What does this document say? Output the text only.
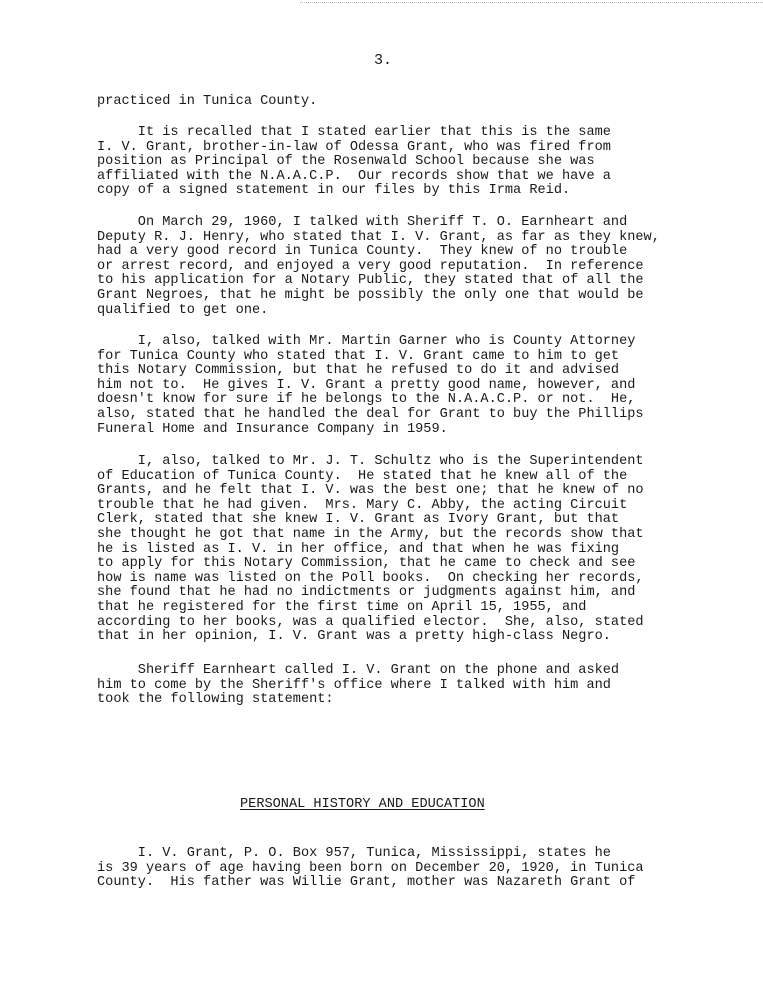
3.

practiced in Tunica County.

It is recalled that I stated earlier that this is the same

I. V. Grant, brother-in-law of Odessa Grant, who was fired from

position as Principal of the Rosenwald School because she was

affiliated with the N.A.A.C.P.  Our records show that we have a

copy of a signed statement in our files by this Irma Reid.

On March 29, 1960, I talked with Sheriff T. O. Earnheart and

Deputy R. J. Henry, who stated that I. V. Grant, as far as they knew,

had a very good record in Tunica County.  They knew of no trouble

or arrest record, and enjoyed a very good reputation.  In reference

to his application for a Notary Public, they stated that of all the

Grant Negroes, that he might be possibly the only one that would be

qualified to get one.

I, also, talked with Mr. Martin Garner who is County Attorney

for Tunica County who stated that I. V. Grant came to him to get

this Notary Commission, but that he refused to do it and advised

him not to.  He gives I. V. Grant a pretty good name, however, and

doesn't know for sure if he belongs to the N.A.A.C.P. or not.  He,

also, stated that he handled the deal for Grant to buy the Phillips

Funeral Home and Insurance Company in 1959.

I, also, talked to Mr. J. T. Schultz who is the Superintendent

of Education of Tunica County.  He stated that he knew all of the

Grants, and he felt that I. V. was the best one; that he knew of no

trouble that he had given.  Mrs. Mary C. Abby, the acting Circuit

Clerk, stated that she knew I. V. Grant as Ivory Grant, but that

she thought he got that name in the Army, but the records show that

he is listed as I. V. in her office, and that when he was fixing

to apply for this Notary Commission, that he came to check and see

how is name was listed on the Poll books.  On checking her records,

she found that he had no indictments or judgments against him, and

that he registered for the first time on April 15, 1955, and

according to her books, was a qualified elector.  She, also, stated

that in her opinion, I. V. Grant was a pretty high-class Negro.

Sheriff Earnheart called I. V. Grant on the phone and asked

him to come by the Sheriff's office where I talked with him and

took the following statement:

PERSONAL HISTORY AND EDUCATION

I. V. Grant, P. O. Box 957, Tunica, Mississippi, states he

is 39 years of age having been born on December 20, 1920, in Tunica

County.  His father was Willie Grant, mother was Nazareth Grant of
